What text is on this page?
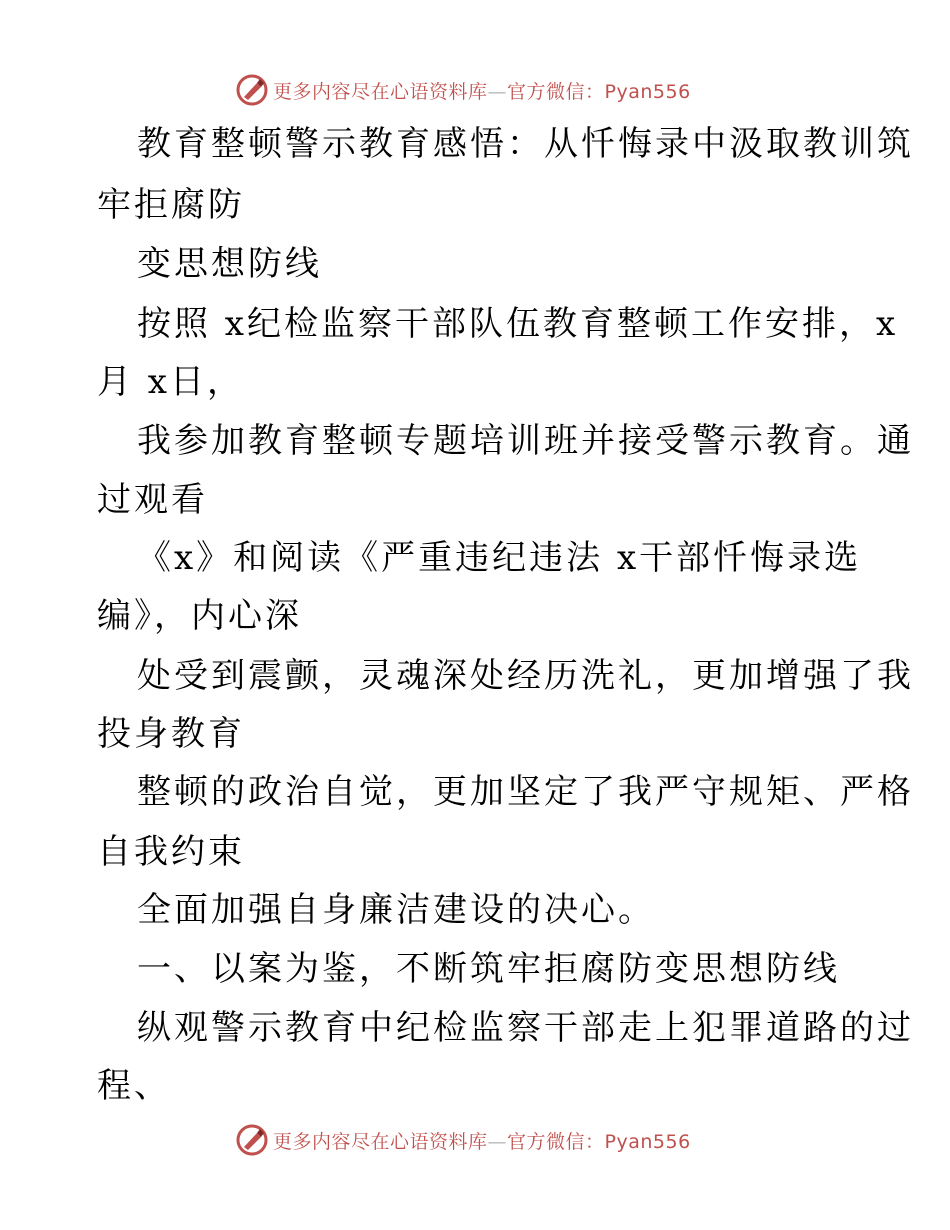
更多内容尽在心语资料库—官方微信：Pyan556
教育整顿警示教育感悟：从忏悔录中汲取教训筑
牢拒腐防
变思想防线
按照 x纪检监察干部队伍教育整顿工作安排，x
月 x日，
我参加教育整顿专题培训班并接受警示教育。通
过观看
《x》和阅读《严重违纪违法 x干部忏悔录选
编》，内心深
处受到震颤，灵魂深处经历洗礼，更加增强了我
投身教育
整顿的政治自觉，更加坚定了我严守规矩、严格
自我约束
全面加强自身廉洁建设的决心。
一、以案为鉴，不断筑牢拒腐防变思想防线
纵观警示教育中纪检监察干部走上犯罪道路的过
程、
更多内容尽在心语资料库—官方微信：Pyan556
